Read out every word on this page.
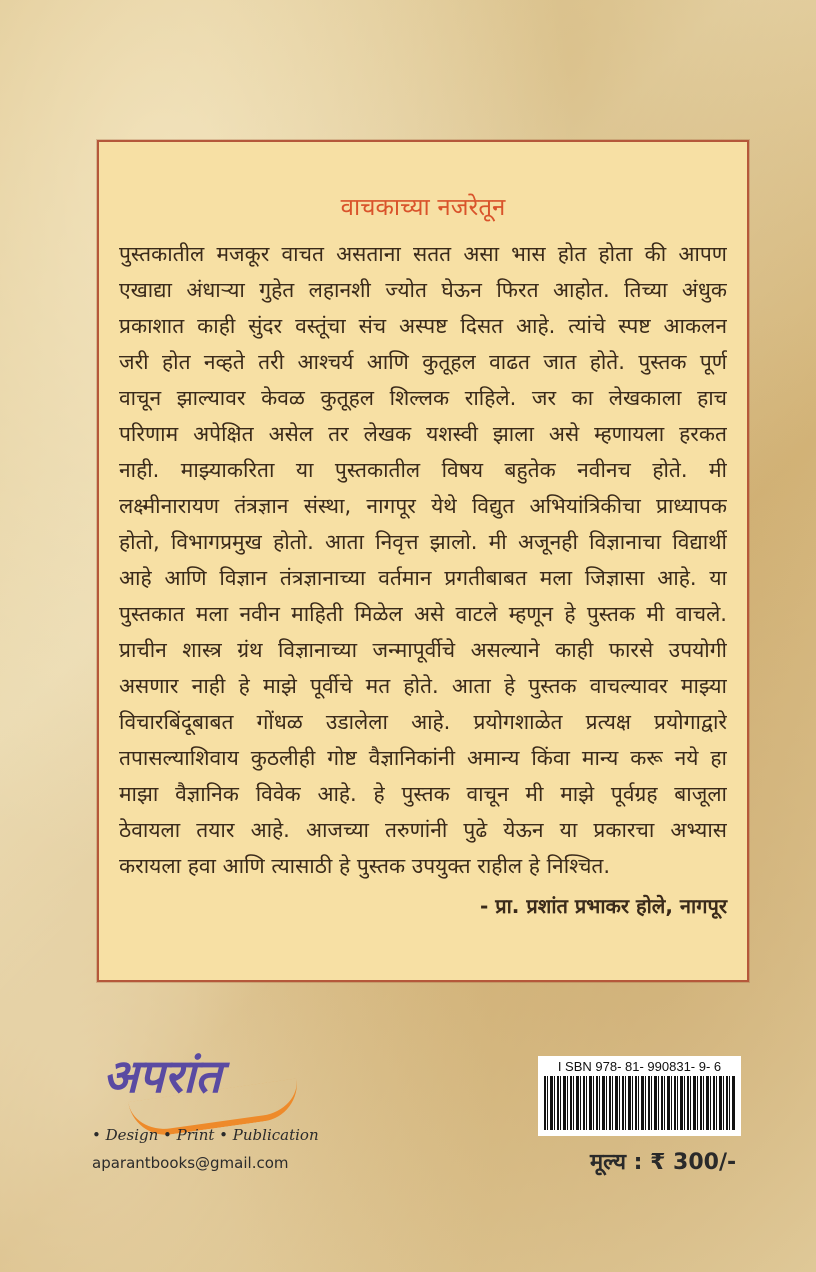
वाचकाच्या नजरेतून
पुस्तकातील मजकूर वाचत असताना सतत असा भास होत होता की आपण
एखाद्या अंधाऱ्या गुहेत लहानशी ज्योत घेऊन फिरत आहोत. तिच्या अंधुक
प्रकाशात काही सुंदर वस्तूंचा संच अस्पष्ट दिसत आहे. त्यांचे स्पष्ट आकलन
जरी होत नव्हते तरी आश्चर्य आणि कुतूहल वाढत जात होते. पुस्तक पूर्ण
वाचून झाल्यावर केवळ कुतूहल शिल्लक राहिले. जर का लेखकाला हाच
परिणाम अपेक्षित असेल तर लेखक यशस्वी झाला असे म्हणायला हरकत
नाही. माझ्याकरिता या पुस्तकातील विषय बहुतेक नवीनच होते. मी
लक्ष्मीनारायण तंत्रज्ञान संस्था, नागपूर येथे विद्युत अभियांत्रिकीचा प्राध्यापक
होतो, विभागप्रमुख होतो. आता निवृत्त झालो. मी अजूनही विज्ञानाचा विद्यार्थी
आहे आणि विज्ञान तंत्रज्ञानाच्या वर्तमान प्रगतीबाबत मला जिज्ञासा आहे. या
पुस्तकात मला नवीन माहिती मिळेल असे वाटले म्हणून हे पुस्तक मी वाचले.
प्राचीन शास्त्र ग्रंथ विज्ञानाच्या जन्मापूर्वीचे असल्याने काही फारसे उपयोगी
असणार नाही हे माझे पूर्वीचे मत होते. आता हे पुस्तक वाचल्यावर माझ्या
विचारबिंदूबाबत गोंधळ उडालेला आहे. प्रयोगशाळेत प्रत्यक्ष प्रयोगाद्वारे
तपासल्याशिवाय कुठलीही गोष्ट वैज्ञानिकांनी अमान्य किंवा मान्य करू नये हा
माझा वैज्ञानिक विवेक आहे. हे पुस्तक वाचून मी माझे पूर्वग्रह बाजूला
ठेवायला तयार आहे. आजच्या तरुणांनी पुढे येऊन या प्रकारचा अभ्यास
करायला हवा आणि त्यासाठी हे पुस्तक उपयुक्त राहील हे निश्चित.
- प्रा. प्रशांत प्रभाकर होले, नागपूर
अपरांत
• Design • Print • Publication
aparantbooks@gmail.com
I SBN 978- 81- 990831- 9- 6
मूल्य : ₹ 300/-
